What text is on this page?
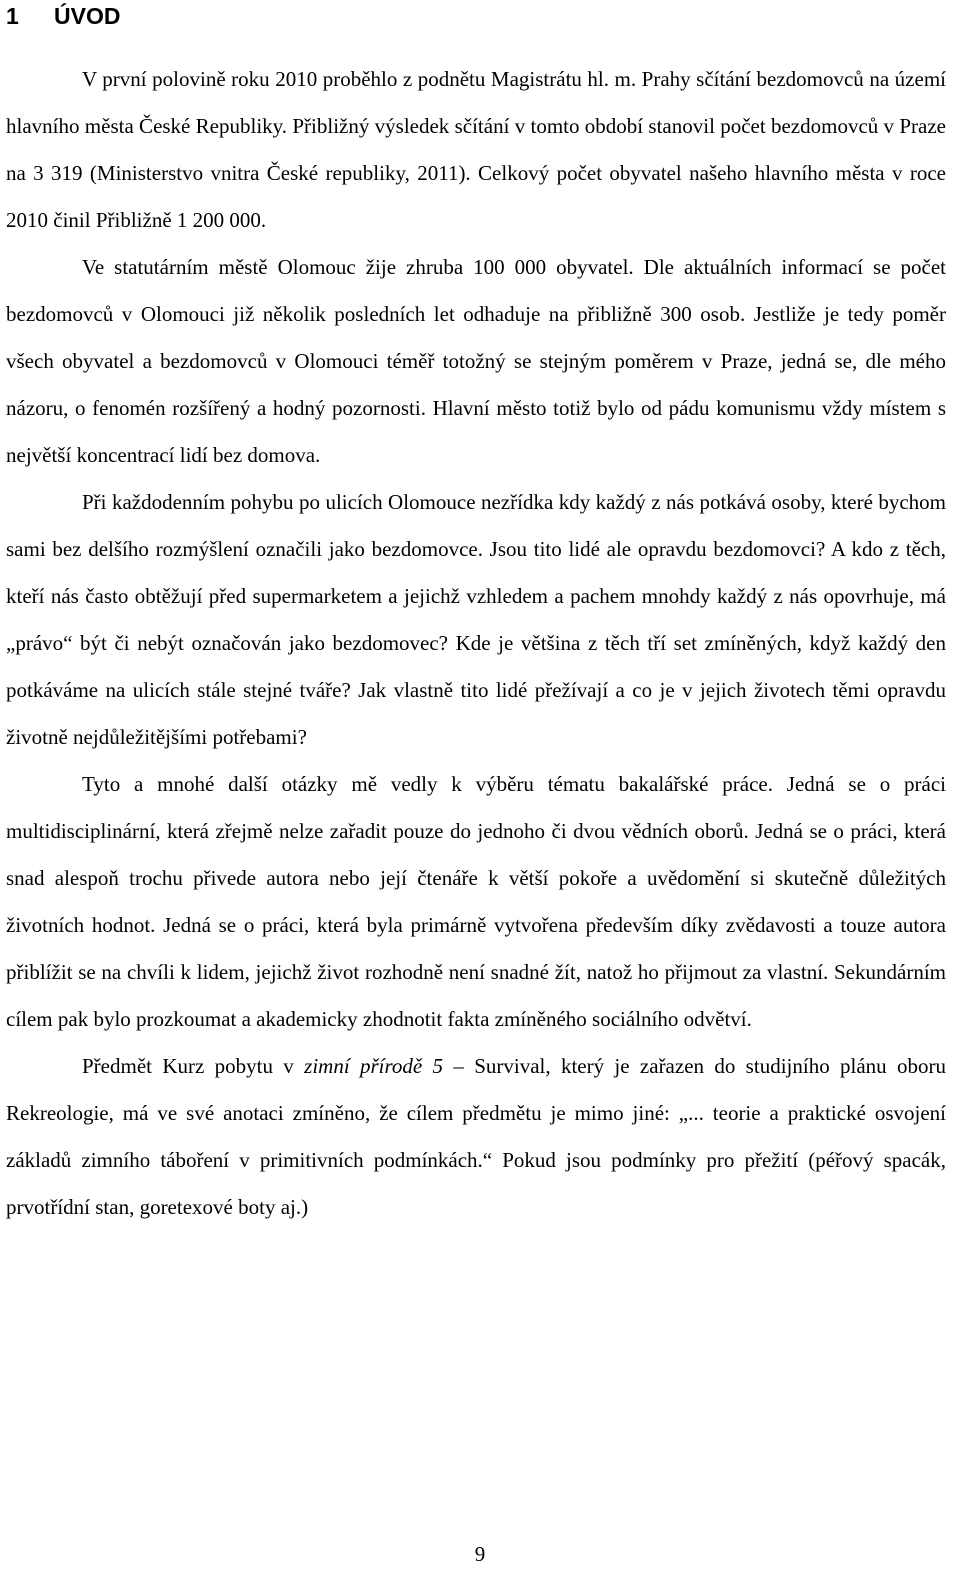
1 ÚVOD

V první polovině roku 2010 proběhlo z podnětu Magistrátu hl. m. Prahy sčítání bezdomovců na území hlavního města České Republiky. Přibližný výsledek sčítání v tomto období stanovil počet bezdomovců v Praze na 3 319 (Ministerstvo vnitra České republiky, 2011). Celkový počet obyvatel našeho hlavního města v roce 2010 činil Přibližně 1 200 000.

Ve statutárním městě Olomouc žije zhruba 100 000 obyvatel. Dle aktuálních informací se počet bezdomovců v Olomouci již několik posledních let odhaduje na přibližně 300 osob. Jestliže je tedy poměr všech obyvatel a bezdomovců v Olomouci téměř totožný se stejným poměrem v Praze, jedná se, dle mého názoru, o fenomén rozšířený a hodný pozornosti. Hlavní město totiž bylo od pádu komunismu vždy místem s největší koncentrací lidí bez domova.

Při každodenním pohybu po ulicích Olomouce nezřídka kdy každý z nás potkává osoby, které bychom sami bez delšího rozmýšlení označili jako bezdomovce. Jsou tito lidé ale opravdu bezdomovci? A kdo z těch, kteří nás často obtěžují před supermarketem a jejichž vzhledem a pachem mnohdy každý z nás opovrhuje, má „právo“ být či nebýt označován jako bezdomovec? Kde je většina z těch tří set zmíněných, když každý den potkáváme na ulicích stále stejné tváře? Jak vlastně tito lidé přežívají a co je v jejich životech těmi opravdu životně nejdůležitějšími potřebami?

Tyto a mnohé další otázky mě vedly k výběru tématu bakalářské práce. Jedná se o práci multidisciplinární, která zřejmě nelze zařadit pouze do jednoho či dvou vědních oborů. Jedná se o práci, která snad alespoň trochu přivede autora nebo její čtenáře k větší pokoře a uvědomění si skutečně důležitých životních hodnot. Jedná se o práci, která byla primárně vytvořena především díky zvědavosti a touze autora přiblížit se na chvíli k lidem, jejichž život rozhodně není snadné žít, natož ho přijmout za vlastní. Sekundárním cílem pak bylo prozkoumat a akademicky zhodnotit fakta zmíněného sociálního odvětví.

Předmět Kurz pobytu v zimní přírodě 5 – Survival, který je zařazen do studijního plánu oboru Rekreologie, má ve své anotaci zmíněno, že cílem předmětu je mimo jiné: „... teorie a praktické osvojení základů zimního táboření v primitivních podmínkách.“ Pokud jsou podmínky pro přežití (péřový spacák, prvotřídní stan, goretexové boty aj.)

9
